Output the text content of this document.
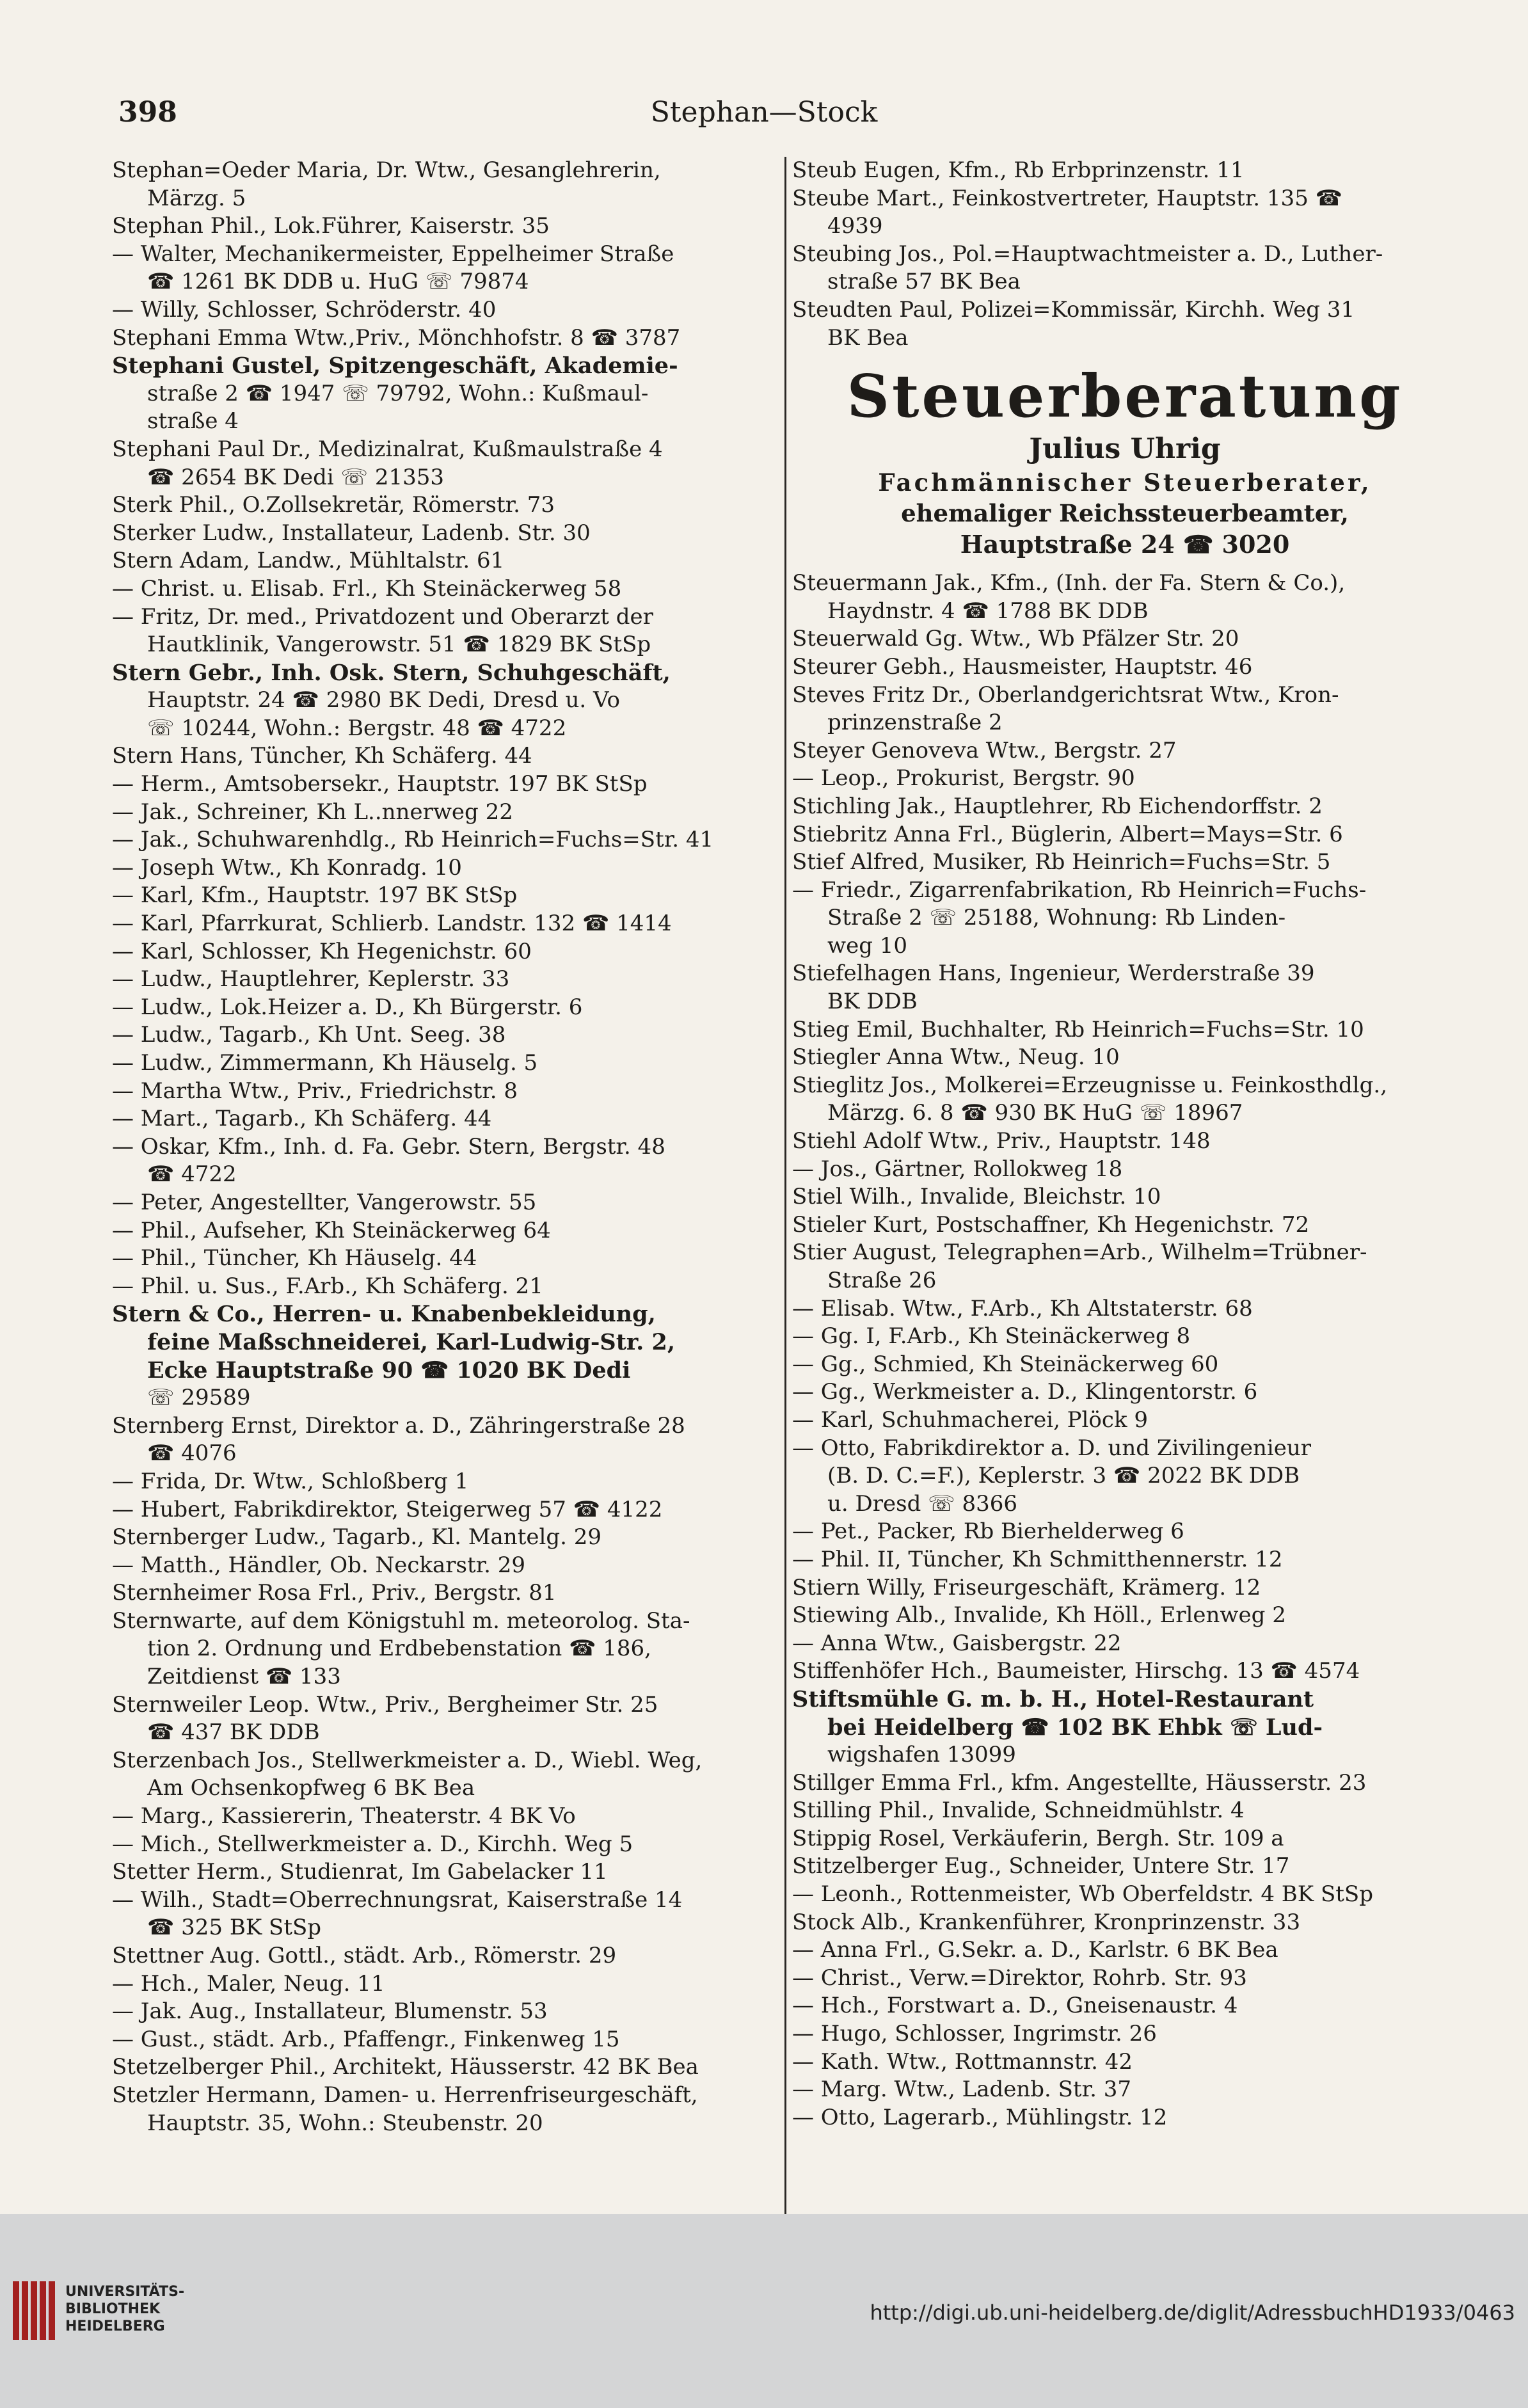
398	Stephan—Stock
Stephan=Oeder Maria, Dr. Wtw., Gesanglehrerin,
Märzg. 5
Stephan Phil., Lok.Führer, Kaiserstr. 35
— Walter, Mechanikermeister, Eppelheimer Straße
☎ 1261 BK DDB u. HuG ☏ 79874
— Willy, Schlosser, Schröderstr. 40
Stephani Emma Wtw.,Priv., Mönchhofstr. 8 ☎ 3787
Stephani Gustel, Spitzengeschäft, Akademie-
straße 2 ☎ 1947 ☏ 79792, Wohn.: Kußmaul-
straße 4
Stephani Paul Dr., Medizinalrat, Kußmaulstraße 4
☎ 2654 BK Dedi ☏ 21353
Sterk Phil., O.Zollsekretär, Römerstr. 73
Sterker Ludw., Installateur, Ladenb. Str. 30
Stern Adam, Landw., Mühltalstr. 61
— Christ. u. Elisab. Frl., Kh Steinäckerweg 58
— Fritz, Dr. med., Privatdozent und Oberarzt der
Hautklinik, Vangerowstr. 51 ☎ 1829 BK StSp
Stern Gebr., Inh. Osk. Stern, Schuhgeschäft,
Hauptstr. 24 ☎ 2980 BK Dedi, Dresd u. Vo
☏ 10244, Wohn.: Bergstr. 48 ☎ 4722
Stern Hans, Tüncher, Kh Schäferg. 44
— Herm., Amtsobersekr., Hauptstr. 197 BK StSp
— Jak., Schreiner, Kh L..nnerweg 22
— Jak., Schuhwarenhdlg., Rb Heinrich=Fuchs=Str. 41
— Joseph Wtw., Kh Konradg. 10
— Karl, Kfm., Hauptstr. 197 BK StSp
— Karl, Pfarrkurat, Schlierb. Landstr. 132 ☎ 1414
— Karl, Schlosser, Kh Hegenichstr. 60
— Ludw., Hauptlehrer, Keplerstr. 33
— Ludw., Lok.Heizer a. D., Kh Bürgerstr. 6
— Ludw., Tagarb., Kh Unt. Seeg. 38
— Ludw., Zimmermann, Kh Häuselg. 5
— Martha Wtw., Priv., Friedrichstr. 8
— Mart., Tagarb., Kh Schäferg. 44
— Oskar, Kfm., Inh. d. Fa. Gebr. Stern, Bergstr. 48
☎ 4722
— Peter, Angestellter, Vangerowstr. 55
— Phil., Aufseher, Kh Steinäckerweg 64
— Phil., Tüncher, Kh Häuselg. 44
— Phil. u. Sus., F.Arb., Kh Schäferg. 21
Stern & Co., Herren- u. Knabenbekleidung,
feine Maßschneiderei, Karl-Ludwig-Str. 2,
Ecke Hauptstraße 90 ☎ 1020 BK Dedi
☏ 29589
Sternberg Ernst, Direktor a. D., Zähringerstraße 28
☎ 4076
— Frida, Dr. Wtw., Schloßberg 1
— Hubert, Fabrikdirektor, Steigerweg 57 ☎ 4122
Sternberger Ludw., Tagarb., Kl. Mantelg. 29
— Matth., Händler, Ob. Neckarstr. 29
Sternheimer Rosa Frl., Priv., Bergstr. 81
Sternwarte, auf dem Königstuhl m. meteorolog. Sta-
tion 2. Ordnung und Erdbebenstation ☎ 186,
Zeitdienst ☎ 133
Sternweiler Leop. Wtw., Priv., Bergheimer Str. 25
☎ 437 BK DDB
Sterzenbach Jos., Stellwerkmeister a. D., Wiebl. Weg,
Am Ochsenkopfweg 6 BK Bea
— Marg., Kassiererin, Theaterstr. 4 BK Vo
— Mich., Stellwerkmeister a. D., Kirchh. Weg 5
Stetter Herm., Studienrat, Im Gabelacker 11
— Wilh., Stadt=Oberrechnungsrat, Kaiserstraße 14
☎ 325 BK StSp
Stettner Aug. Gottl., städt. Arb., Römerstr. 29
— Hch., Maler, Neug. 11
— Jak. Aug., Installateur, Blumenstr. 53
— Gust., städt. Arb., Pfaffengr., Finkenweg 15
Stetzelberger Phil., Architekt, Häusserstr. 42 BK Bea
Stetzler Hermann, Damen- u. Herrenfriseurgeschäft,
Hauptstr. 35, Wohn.: Steubenstr. 20
Steub Eugen, Kfm., Rb Erbprinzenstr. 11
Steube Mart., Feinkostvertreter, Hauptstr. 135 ☎
4939
Steubing Jos., Pol.=Hauptwachtmeister a. D., Luther-
straße 57 BK Bea
Steudten Paul, Polizei=Kommissär, Kirchh. Weg 31
BK Bea
Steuerberatung
Julius Uhrig
Fachmännischer Steuerberater,
ehemaliger Reichssteuerbeamter,
Hauptstraße 24 ☎ 3020
Steuermann Jak., Kfm., (Inh. der Fa. Stern & Co.),
Haydnstr. 4 ☎ 1788 BK DDB
Steuerwald Gg. Wtw., Wb Pfälzer Str. 20
Steurer Gebh., Hausmeister, Hauptstr. 46
Steves Fritz Dr., Oberlandgerichtsrat Wtw., Kron-
prinzenstraße 2
Steyer Genoveva Wtw., Bergstr. 27
— Leop., Prokurist, Bergstr. 90
Stichling Jak., Hauptlehrer, Rb Eichendorffstr. 2
Stiebritz Anna Frl., Büglerin, Albert=Mays=Str. 6
Stief Alfred, Musiker, Rb Heinrich=Fuchs=Str. 5
— Friedr., Zigarrenfabrikation, Rb Heinrich=Fuchs-
Straße 2 ☏ 25188, Wohnung: Rb Linden-
weg 10
Stiefelhagen Hans, Ingenieur, Werderstraße 39
BK DDB
Stieg Emil, Buchhalter, Rb Heinrich=Fuchs=Str. 10
Stiegler Anna Wtw., Neug. 10
Stieglitz Jos., Molkerei=Erzeugnisse u. Feinkosthdlg.,
Märzg. 6. 8 ☎ 930 BK HuG ☏ 18967
Stiehl Adolf Wtw., Priv., Hauptstr. 148
— Jos., Gärtner, Rollokweg 18
Stiel Wilh., Invalide, Bleichstr. 10
Stieler Kurt, Postschaffner, Kh Hegenichstr. 72
Stier August, Telegraphen=Arb., Wilhelm=Trübner-
Straße 26
— Elisab. Wtw., F.Arb., Kh Altstaterstr. 68
— Gg. I, F.Arb., Kh Steinäckerweg 8
— Gg., Schmied, Kh Steinäckerweg 60
— Gg., Werkmeister a. D., Klingentorstr. 6
— Karl, Schuhmacherei, Plöck 9
— Otto, Fabrikdirektor a. D. und Zivilingenieur
(B. D. C.=F.), Keplerstr. 3 ☎ 2022 BK DDB
u. Dresd ☏ 8366
— Pet., Packer, Rb Bierhelderweg 6
— Phil. II, Tüncher, Kh Schmitthennerstr. 12
Stiern Willy, Friseurgeschäft, Krämerg. 12
Stiewing Alb., Invalide, Kh Höll., Erlenweg 2
— Anna Wtw., Gaisbergstr. 22
Stiffenhöfer Hch., Baumeister, Hirschg. 13 ☎ 4574
Stiftsmühle G. m. b. H., Hotel-Restaurant
bei Heidelberg ☎ 102 BK Ehbk ☏ Lud-
wigshafen 13099
Stillger Emma Frl., kfm. Angestellte, Häusserstr. 23
Stilling Phil., Invalide, Schneidmühlstr. 4
Stippig Rosel, Verkäuferin, Bergh. Str. 109 a
Stitzelberger Eug., Schneider, Untere Str. 17
— Leonh., Rottenmeister, Wb Oberfeldstr. 4 BK StSp
Stock Alb., Krankenführer, Kronprinzenstr. 33
— Anna Frl., G.Sekr. a. D., Karlstr. 6 BK Bea
— Christ., Verw.=Direktor, Rohrb. Str. 93
— Hch., Forstwart a. D., Gneisenaustr. 4
— Hugo, Schlosser, Ingrimstr. 26
— Kath. Wtw., Rottmannstr. 42
— Marg. Wtw., Ladenb. Str. 37
— Otto, Lagerarb., Mühlingstr. 12
UNIVERSITÄTS-
BIBLIOTHEK
HEIDELBERG
http://digi.ub.uni-heidelberg.de/diglit/AdressbuchHD1933/0463
